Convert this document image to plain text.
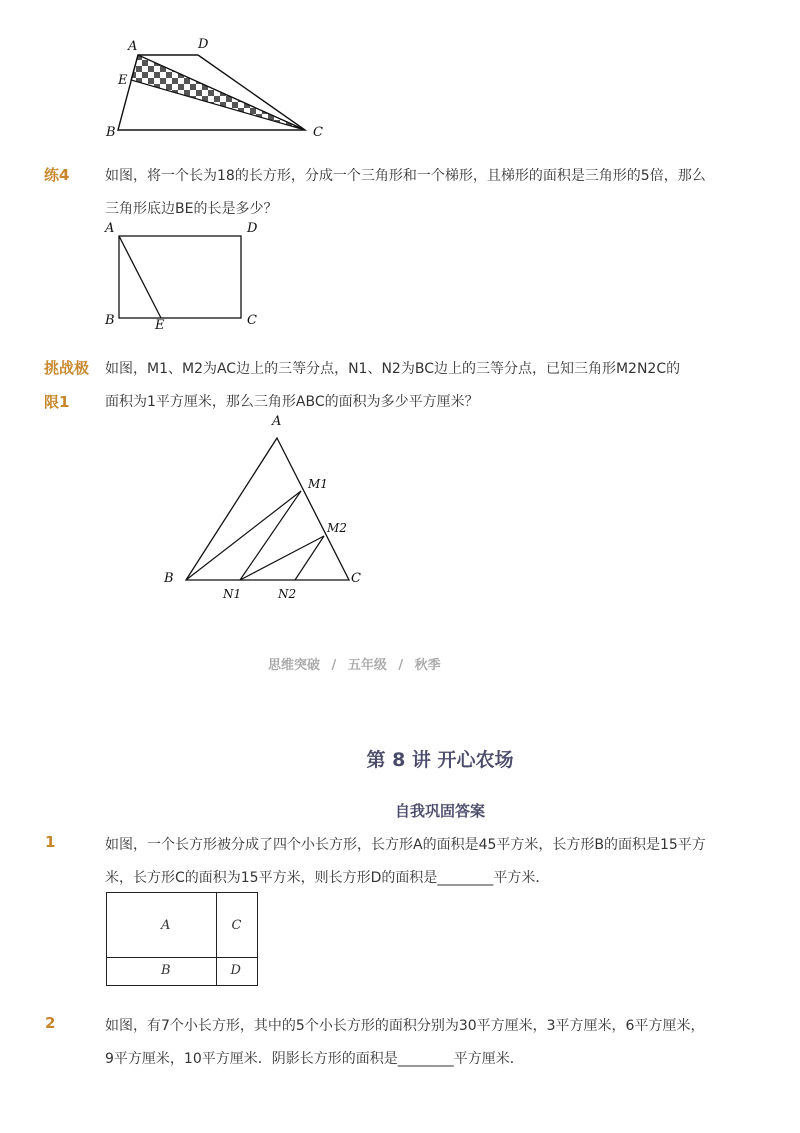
A	D
E
B	C
练4	如图，将一个长为18的长方形，分成一个三角形和一个梯形，且梯形的面积是三角形的5倍，那么
三角形底边BE的长是多少？
A	D
B	E	C
挑战极
限1
如图，M1、M2为AC边上的三等分点，N1、N2为BC边上的三等分点，已知三角形M2N2C的
面积为1平方厘米，那么三角形ABC的面积为多少平方厘米？
A
B	C
M1
M2
N1	N2
思维突破 / 五年级 / 秋季
第 8 讲 开心农场
自我巩固答案
1	如图，一个长方形被分成了四个小长方形，长方形A的面积是45平方米，长方形B的面积是15平方
米，长方形C的面积为15平方米，则长方形D的面积是________平方米．
A	C
B	D
2	如图，有7个小长方形，其中的5个小长方形的面积分别为30平方厘米，3平方厘米，6平方厘米，
9平方厘米，10平方厘米．阴影长方形的面积是________平方厘米．
